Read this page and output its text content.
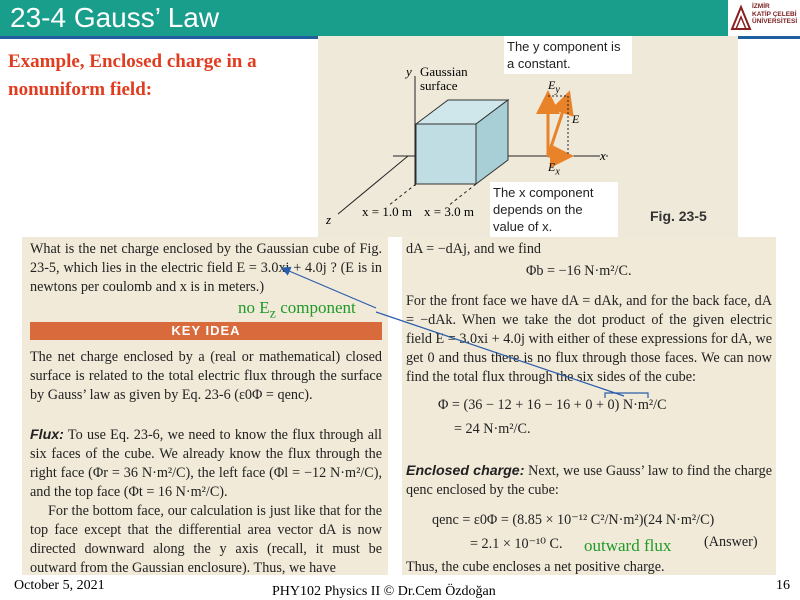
23-4 Gauss’ Law	İZMİR
KATİP ÇELEBİ
ÜNİVERSİTESİ
Example, Enclosed charge in a nonuniform field:
y
x
z
Gaussian surface
x = 1.0 m x = 3.0 m
$E_y$
$E_x$
E
The y component is a constant.
The x component depends on the value of x.
Fig. 23-5
What is the net charge enclosed by the Gaussian cube of Fig. 23-5, which lies in the electric field E = 3.0xi + 4.0j ? (E is in newtons per coulomb and x is in meters.)
KEY IDEA
The net charge enclosed by a (real or mathematical) closed surface is related to the total electric flux through the surface by Gauss’ law as given by Eq. 23-6 (ε0Φ = qenc).
Flux: To use Eq. 23-6, we need to know the flux through all six faces of the cube. We already know the flux through the right face (Φr = 36 N·m²/C), the left face (Φl = −12 N·m²/C), and the top face (Φt = 16 N·m²/C).
For the bottom face, our calculation is just like that for the top face except that the differential area vector dA is now directed downward along the y axis (recall, it must be outward from the Gaussian enclosure). Thus, we have
dA = −dAj, and we find
Φb = −16 N·m²/C.
For the front face we have dA = dAk, and for the back face, dA = −dAk. When we take the dot product of the given electric field E = 3.0xi + 4.0j with either of these expressions for dA, we get 0 and thus there is no flux through those faces. We can now find the total flux through the six sides of the cube:
Φ = (36 − 12 + 16 − 16 + 0 + 0) N·m²/C
= 24 N·m²/C.
Enclosed charge: Next, we use Gauss’ law to find the charge qenc enclosed by the cube:
qenc = ε0Φ = (8.85 × 10⁻¹² C²/N·m²)(24 N·m²/C)
= 2.1 × 10⁻¹⁰ C.	(Answer)
Thus, the cube encloses a net positive charge.
no $E_z$ component
outward flux
October 5, 2021	PHY102 Physics II © Dr.Cem Özdoğan	16
